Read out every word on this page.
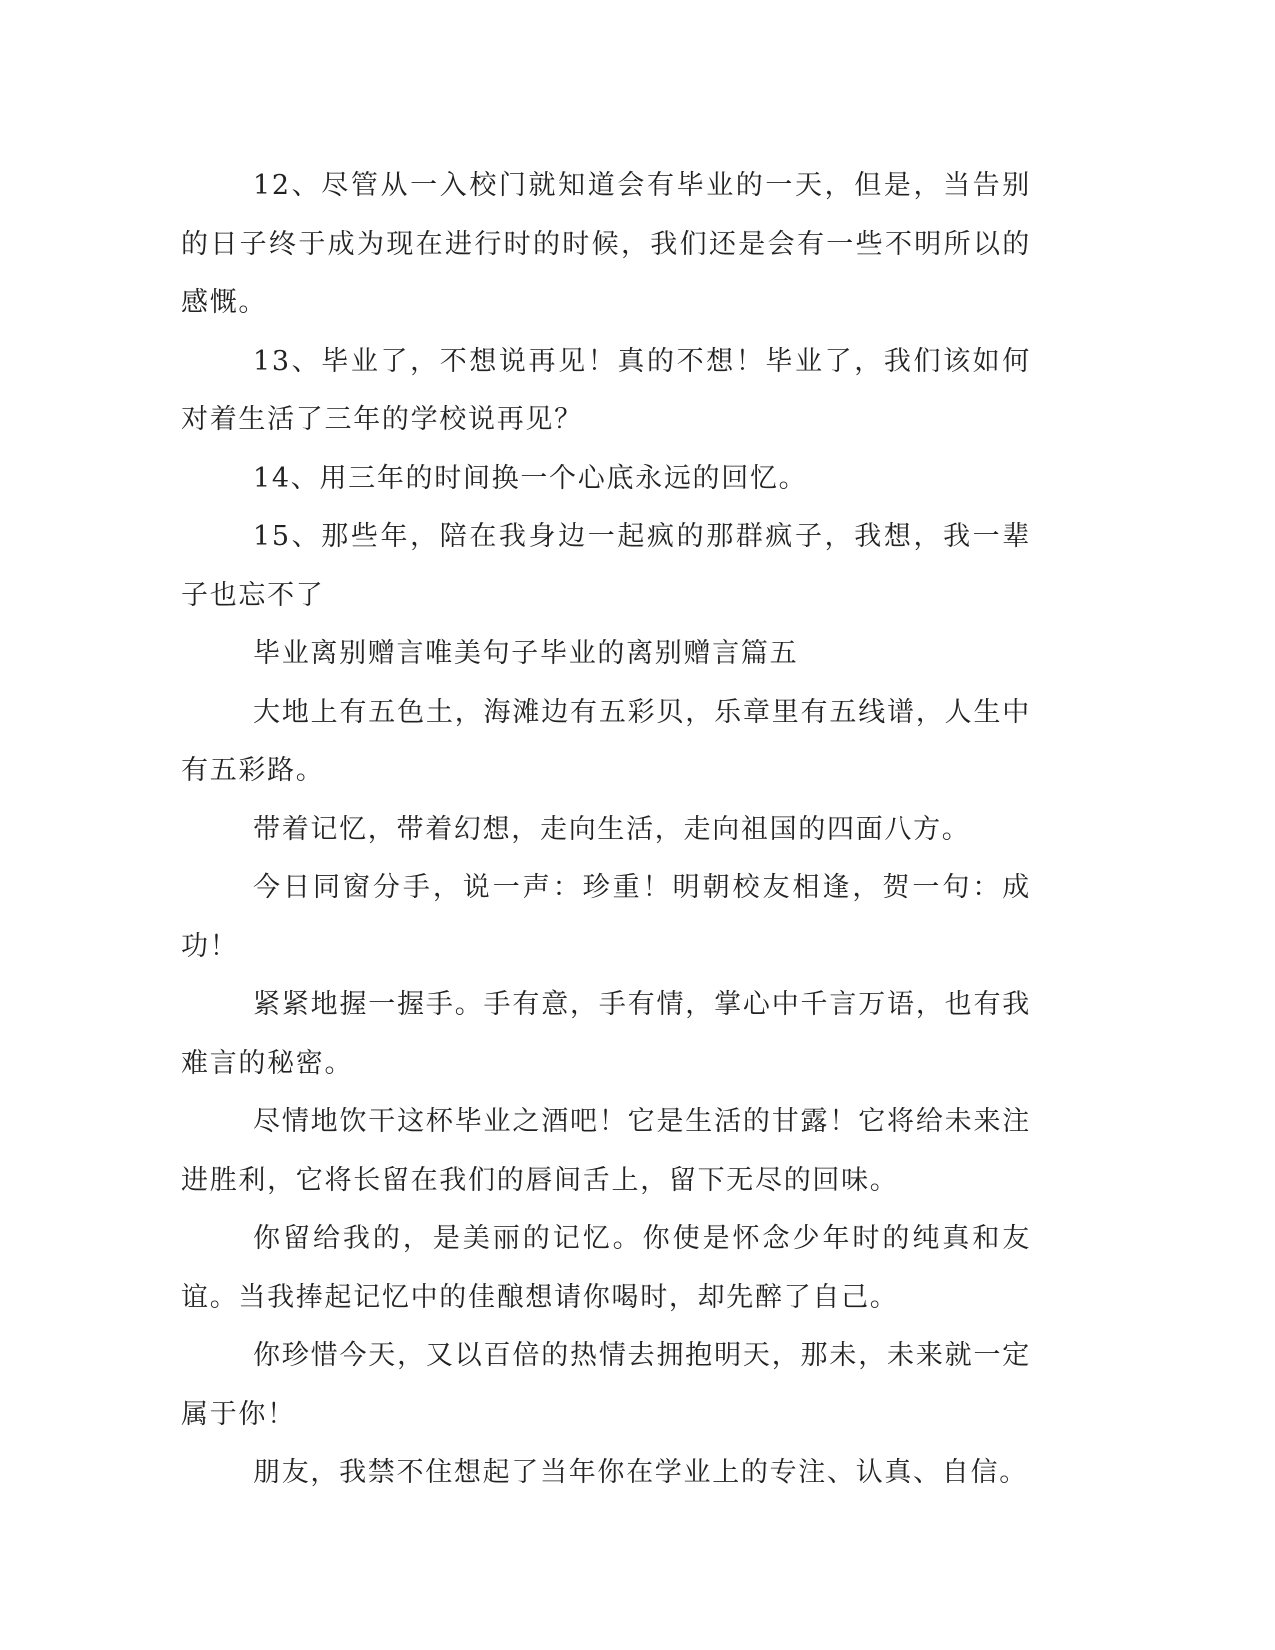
12、尽管从一入校门就知道会有毕业的一天，但是，当告别的日子终于成为现在进行时的时候，我们还是会有一些不明所以的感慨。

13、毕业了，不想说再见！真的不想！毕业了，我们该如何对着生活了三年的学校说再见？

14、用三年的时间换一个心底永远的回忆。

15、那些年，陪在我身边一起疯的那群疯子，我想，我一辈子也忘不了

毕业离别赠言唯美句子毕业的离别赠言篇五

大地上有五色土，海滩边有五彩贝，乐章里有五线谱，人生中有五彩路。

带着记忆，带着幻想，走向生活，走向祖国的四面八方。

今日同窗分手，说一声：珍重！明朝校友相逢，贺一句：成功！

紧紧地握一握手。手有意，手有情，掌心中千言万语，也有我难言的秘密。

尽情地饮干这杯毕业之酒吧！它是生活的甘露！它将给未来注进胜利，它将长留在我们的唇间舌上，留下无尽的回味。

你留给我的，是美丽的记忆。你使是怀念少年时的纯真和友谊。当我捧起记忆中的佳酿想请你喝时，却先醉了自己。

你珍惜今天，又以百倍的热情去拥抱明天，那未，未来就一定属于你！

朋友，我禁不住想起了当年你在学业上的专注、认真、自信。
